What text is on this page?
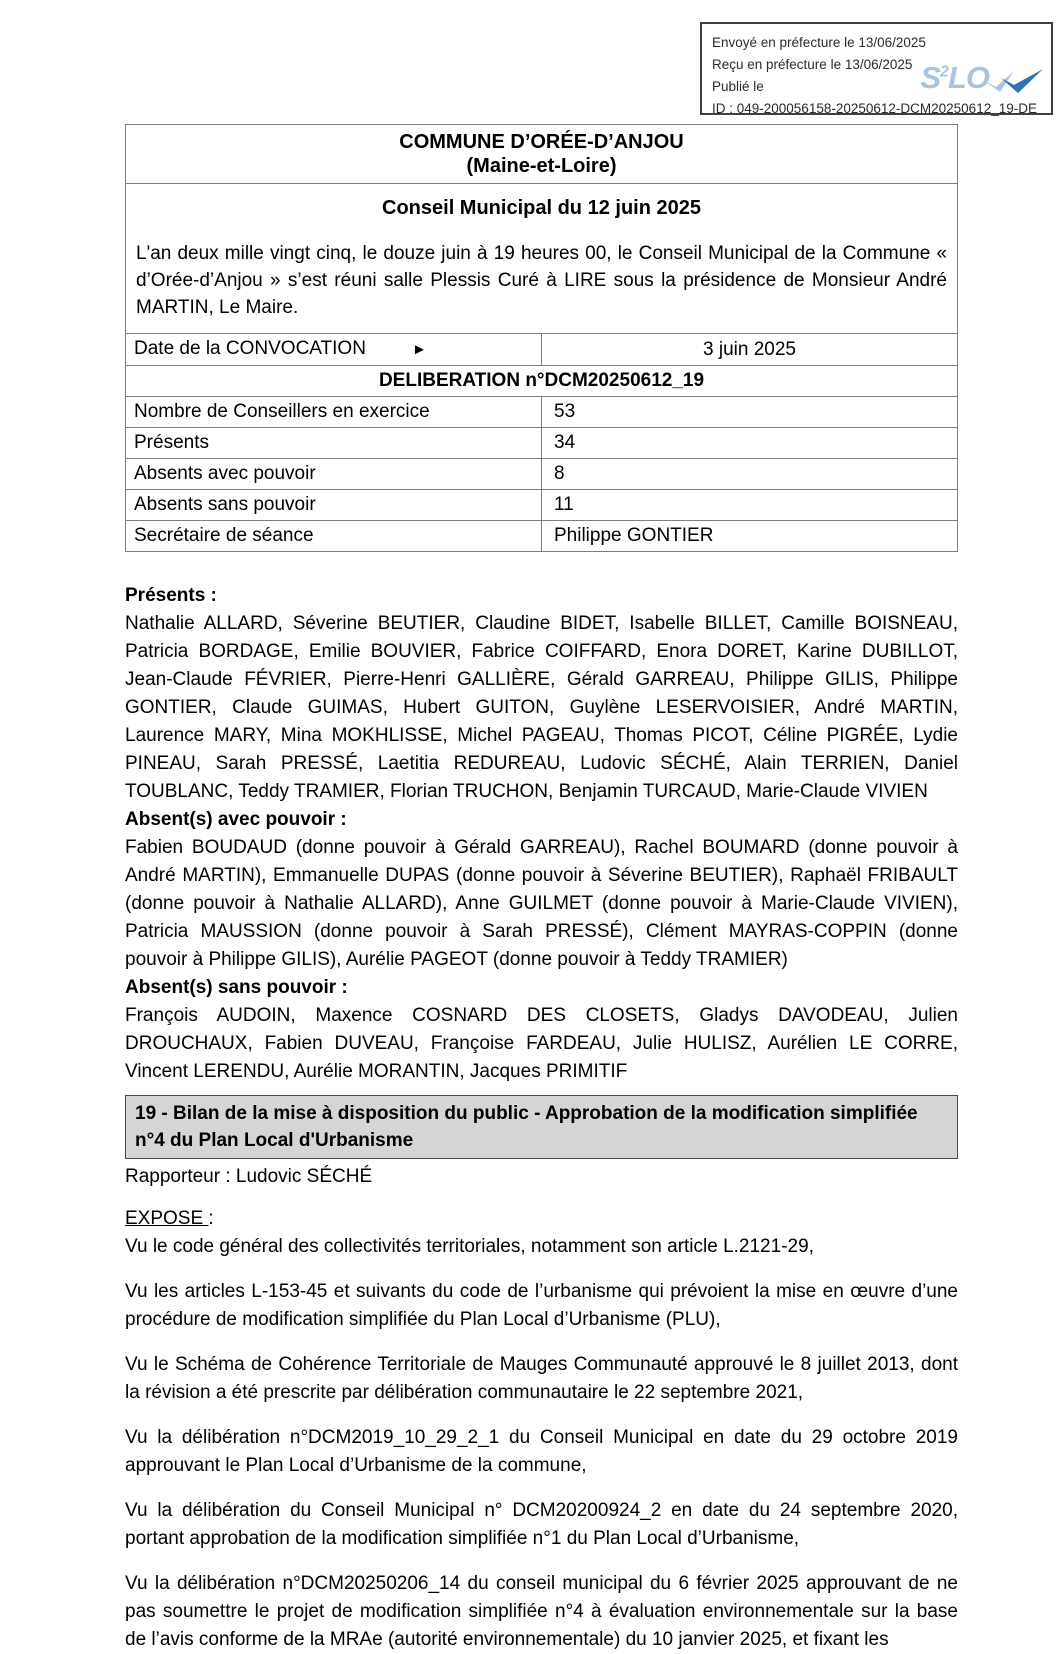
Envoyé en préfecture le 13/06/2025
Reçu en préfecture le 13/06/2025
Publié le
ID : 049-200056158-20250612-DCM20250612_19-DE
$S^2LO$
COMMUNE D’ORÉE-D’ANJOU
(Maine-et-Loire)	

Conseil Municipal du 12 juin 2025
L'an deux mille vingt cinq, le douze juin à 19 heures 00, le Conseil Municipal de la Commune « d’Orée-d’Anjou » s’est réuni salle Plessis Curé à LIRE sous la présidence de Monsieur André MARTIN, Le Maire.	

Date de la CONVOCATION ►	3 juin 2025
DELIBERATION n°DCM20250612_19	
Nombre de Conseillers en exercice	53
Présents	34
Absents avec pouvoir	8
Absents sans pouvoir	11
Secrétaire de séance	Philippe GONTIER
Présents :
Nathalie ALLARD, Séverine BEUTIER, Claudine BIDET, Isabelle BILLET, Camille BOISNEAU, Patricia BORDAGE, Emilie BOUVIER, Fabrice COIFFARD, Enora DORET, Karine DUBILLOT, Jean-Claude FÉVRIER, Pierre-Henri GALLIÈRE, Gérald GARREAU, Philippe GILIS, Philippe GONTIER, Claude GUIMAS, Hubert GUITON, Guylène LESERVOISIER, André MARTIN, Laurence MARY, Mina MOKHLISSE, Michel PAGEAU, Thomas PICOT, Céline PIGRÉE, Lydie PINEAU, Sarah PRESSÉ, Laetitia REDUREAU, Ludovic SÉCHÉ, Alain TERRIEN, Daniel TOUBLANC, Teddy TRAMIER, Florian TRUCHON, Benjamin TURCAUD, Marie-Claude VIVIEN
Absent(s) avec pouvoir :
Fabien BOUDAUD (donne pouvoir à Gérald GARREAU), Rachel BOUMARD (donne pouvoir à André MARTIN), Emmanuelle DUPAS (donne pouvoir à Séverine BEUTIER), Raphaël FRIBAULT (donne pouvoir à Nathalie ALLARD), Anne GUILMET (donne pouvoir à Marie-Claude VIVIEN), Patricia MAUSSION (donne pouvoir à Sarah PRESSÉ), Clément MAYRAS-COPPIN (donne pouvoir à Philippe GILIS), Aurélie PAGEOT (donne pouvoir à Teddy TRAMIER)
Absent(s) sans pouvoir :
François AUDOIN, Maxence COSNARD DES CLOSETS, Gladys DAVODEAU, Julien DROUCHAUX, Fabien DUVEAU, Françoise FARDEAU, Julie HULISZ, Aurélien LE CORRE, Vincent LERENDU, Aurélie MORANTIN, Jacques PRIMITIF
19 - Bilan de la mise à disposition du public - Approbation de la modification simplifiée n°4 du Plan Local d'Urbanisme
Rapporteur : Ludovic SÉCHÉ
EXPOSE :
Vu le code général des collectivités territoriales, notamment son article L.2121-29,
Vu les articles L-153-45 et suivants du code de l’urbanisme qui prévoient la mise en œuvre d’une procédure de modification simplifiée du Plan Local d’Urbanisme (PLU),
Vu le Schéma de Cohérence Territoriale de Mauges Communauté approuvé le 8 juillet 2013, dont la révision a été prescrite par délibération communautaire le 22 septembre 2021,
Vu la délibération n°DCM2019_10_29_2_1 du Conseil Municipal en date du 29 octobre 2019 approuvant le Plan Local d’Urbanisme de la commune,
Vu la délibération du Conseil Municipal n° DCM20200924_2 en date du 24 septembre 2020, portant approbation de la modification simplifiée n°1 du Plan Local d’Urbanisme,
Vu la délibération n°DCM20250206_14 du conseil municipal du 6 février 2025 approuvant de ne pas soumettre le projet de modification simplifiée n°4 à évaluation environnementale sur la base de l’avis conforme de la MRAe (autorité environnementale) du 10 janvier 2025, et fixant les
